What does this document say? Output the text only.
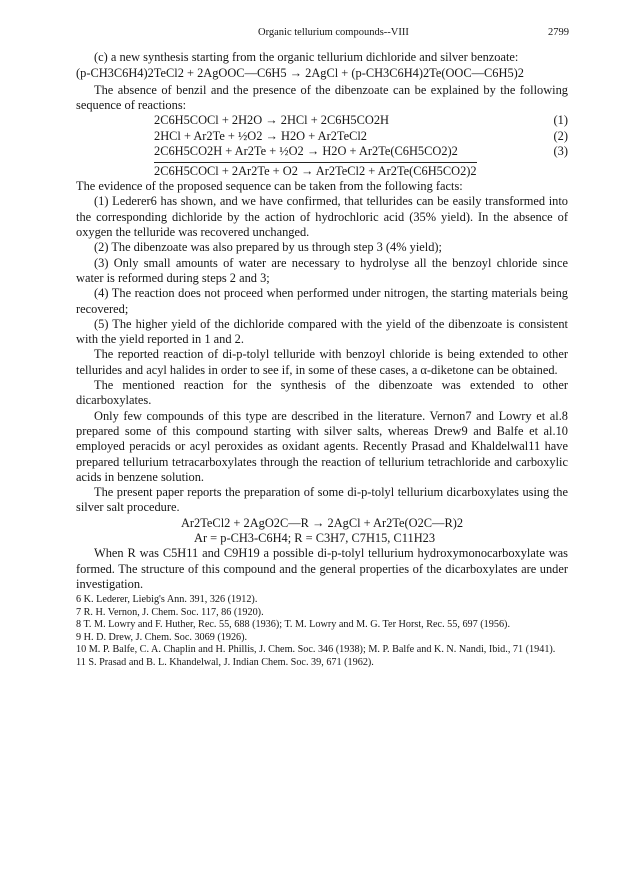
Organic tellurium compounds--VIII	2799

(c) a new synthesis starting from the organic tellurium dichloride and silver benzoate:

(p-CH3C6H4)2TeCl2 + 2AgOOC—C6H5 → 2AgCl + (p-CH3C6H4)2Te(OOC—C6H5)2

The absence of benzil and the presence of the dibenzoate can be explained by the following sequence of reactions:

2C6H5COCl + 2H2O → 2HCl + 2C6H5CO2H	(1)
2HCl + Ar2Te + ½O2 → H2O + Ar2TeCl2	(2)
2C6H5CO2H + Ar2Te + ½O2 → H2O + Ar2Te(C6H5CO2)2	(3)
2C6H5COCl + 2Ar2Te + O2 → Ar2TeCl2 + Ar2Te(C6H5CO2)2

The evidence of the proposed sequence can be taken from the following facts:

(1) Lederer6 has shown, and we have confirmed, that tellurides can be easily transformed into the corresponding dichloride by the action of hydrochloric acid (35% yield). In the absence of oxygen the telluride was recovered unchanged.

(2) The dibenzoate was also prepared by us through step 3 (4% yield);

(3) Only small amounts of water are necessary to hydrolyse all the benzoyl chloride since water is reformed during steps 2 and 3;

(4) The reaction does not proceed when performed under nitrogen, the starting materials being recovered;

(5) The higher yield of the dichloride compared with the yield of the dibenzoate is consistent with the yield reported in 1 and 2.

The reported reaction of di-p-tolyl telluride with benzoyl chloride is being extended to other tellurides and acyl halides in order to see if, in some of these cases, a α-diketone can be obtained.

The mentioned reaction for the synthesis of the dibenzoate was extended to other dicarboxylates.

Only few compounds of this type are described in the literature. Vernon7 and Lowry et al.8 prepared some of this compound starting with silver salts, whereas Drew9 and Balfe et al.10 employed peracids or acyl peroxides as oxidant agents. Recently Prasad and Khaldelwal11 have prepared tellurium tetracarboxylates through the reaction of tellurium tetrachloride and carboxylic acids in benzene solution.

The present paper reports the preparation of some di-p-tolyl tellurium dicarboxylates using the silver salt procedure.

Ar2TeCl2 + 2AgO2C—R → 2AgCl + Ar2Te(O2C—R)2

Ar = p-CH3-C6H4; R = C3H7, C7H15, C11H23

When R was C5H11 and C9H19 a possible di-p-tolyl tellurium hydroxymonocarboxylate was formed. The structure of this compound and the general properties of the dicarboxylates are under investigation.

6 K. Lederer, Liebig's Ann. 391, 326 (1912).
7 R. H. Vernon, J. Chem. Soc. 117, 86 (1920).
8 T. M. Lowry and F. Huther, Rec. 55, 688 (1936); T. M. Lowry and M. G. Ter Horst, Rec. 55, 697 (1956).
9 H. D. Drew, J. Chem. Soc. 3069 (1926).
10 M. P. Balfe, C. A. Chaplin and H. Phillis, J. Chem. Soc. 346 (1938); M. P. Balfe and K. N. Nandi, Ibid., 71 (1941).
11 S. Prasad and B. L. Khandelwal, J. Indian Chem. Soc. 39, 671 (1962).
